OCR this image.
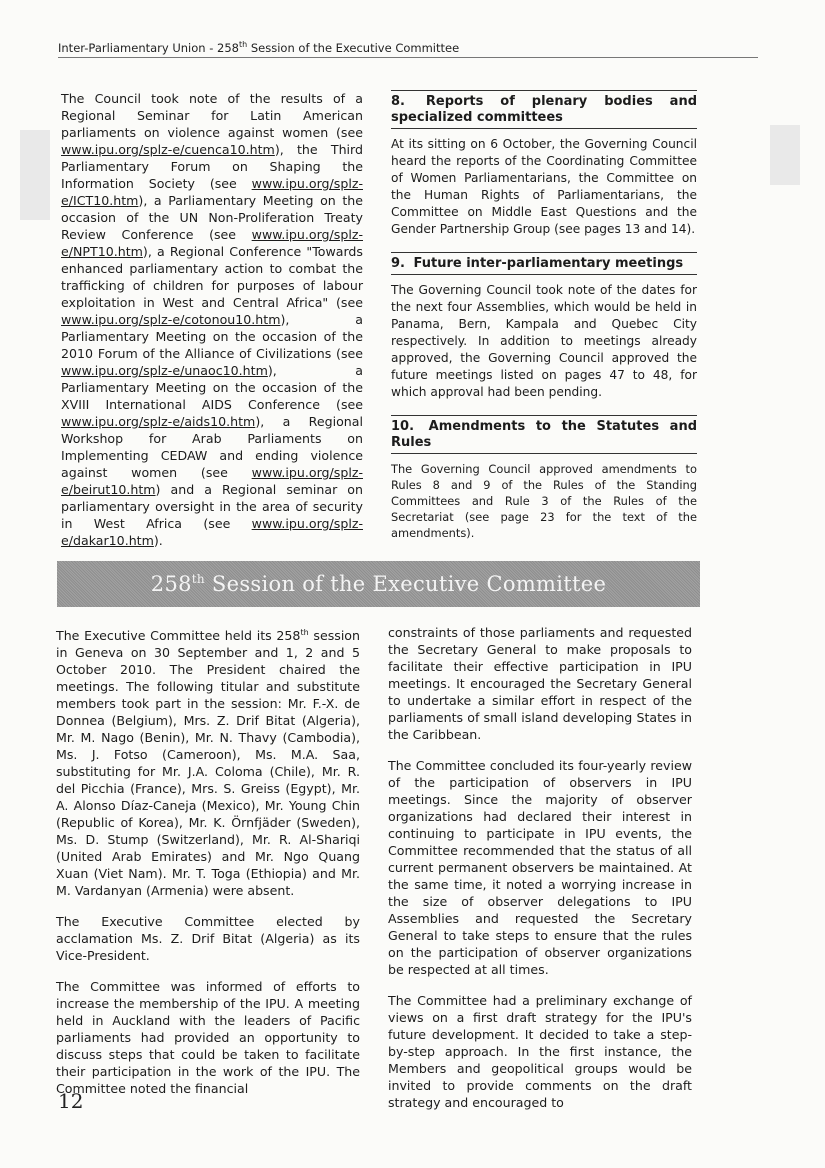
Inter-Parliamentary Union - 258th Session of the Executive Committee

The Council took note of the results of a Regional Seminar for Latin American parliaments on violence against women (see www.ipu.org/splz-e/cuenca10.htm), the Third Parliamentary Forum on Shaping the Information Society (see www.ipu.org/splz-e/ICT10.htm), a Parliamentary Meeting on the occasion of the UN Non-Proliferation Treaty Review Conference (see www.ipu.org/splz-e/NPT10.htm), a Regional Conference "Towards enhanced parliamentary action to combat the trafficking of children for purposes of labour exploitation in West and Central Africa" (see www.ipu.org/splz-e/cotonou10.htm), a Parliamentary Meeting on the occasion of the 2010 Forum of the Alliance of Civilizations (see www.ipu.org/splz-e/unaoc10.htm), a Parliamentary Meeting on the occasion of the XVIII International AIDS Conference (see www.ipu.org/splz-e/aids10.htm), a Regional Workshop for Arab Parliaments on Implementing CEDAW and ending violence against women (see www.ipu.org/splz-e/beirut10.htm) and a Regional seminar on parliamentary oversight in the area of security in West Africa (see www.ipu.org/splz-e/dakar10.htm).

8. Reports of plenary bodies and specialized committees

At its sitting on 6 October, the Governing Council heard the reports of the Coordinating Committee of Women Parliamentarians, the Committee on the Human Rights of Parliamentarians, the Committee on Middle East Questions and the Gender Partnership Group (see pages 13 and 14).

9. Future inter-parliamentary meetings

The Governing Council took note of the dates for the next four Assemblies, which would be held in Panama, Bern, Kampala and Quebec City respectively. In addition to meetings already approved, the Governing Council approved the future meetings listed on pages 47 to 48, for which approval had been pending.

10. Amendments to the Statutes and Rules

The Governing Council approved amendments to Rules 8 and 9 of the Rules of the Standing Committees and Rule 3 of the Rules of the Secretariat (see page 23 for the text of the amendments).

258th Session of the Executive Committee

The Executive Committee held its 258th session in Geneva on 30 September and 1, 2 and 5 October 2010. The President chaired the meetings. The following titular and substitute members took part in the session: Mr. F.-X. de Donnea (Belgium), Mrs. Z. Drif Bitat (Algeria), Mr. M. Nago (Benin), Mr. N. Thavy (Cambodia), Ms. J. Fotso (Cameroon), Ms. M.A. Saa, substituting for Mr. J.A. Coloma (Chile), Mr. R. del Picchia (France), Mrs. S. Greiss (Egypt), Mr. A. Alonso Díaz-Caneja (Mexico), Mr. Young Chin (Republic of Korea), Mr. K. Örnfjäder (Sweden), Ms. D. Stump (Switzerland), Mr. R. Al-Shariqi (United Arab Emirates) and Mr. Ngo Quang Xuan (Viet Nam). Mr. T. Toga (Ethiopia) and Mr. M. Vardanyan (Armenia) were absent.

The Executive Committee elected by acclamation Ms. Z. Drif Bitat (Algeria) as its Vice-President.

The Committee was informed of efforts to increase the membership of the IPU. A meeting held in Auckland with the leaders of Pacific parliaments had provided an opportunity to discuss steps that could be taken to facilitate their participation in the work of the IPU. The Committee noted the financial

constraints of those parliaments and requested the Secretary General to make proposals to facilitate their effective participation in IPU meetings. It encouraged the Secretary General to undertake a similar effort in respect of the parliaments of small island developing States in the Caribbean.

The Committee concluded its four-yearly review of the participation of observers in IPU meetings. Since the majority of observer organizations had declared their interest in continuing to participate in IPU events, the Committee recommended that the status of all current permanent observers be maintained. At the same time, it noted a worrying increase in the size of observer delegations to IPU Assemblies and requested the Secretary General to take steps to ensure that the rules on the participation of observer organizations be respected at all times.

The Committee had a preliminary exchange of views on a first draft strategy for the IPU's future development. It decided to take a step-by-step approach. In the first instance, the Members and geopolitical groups would be invited to provide comments on the draft strategy and encouraged to

12
